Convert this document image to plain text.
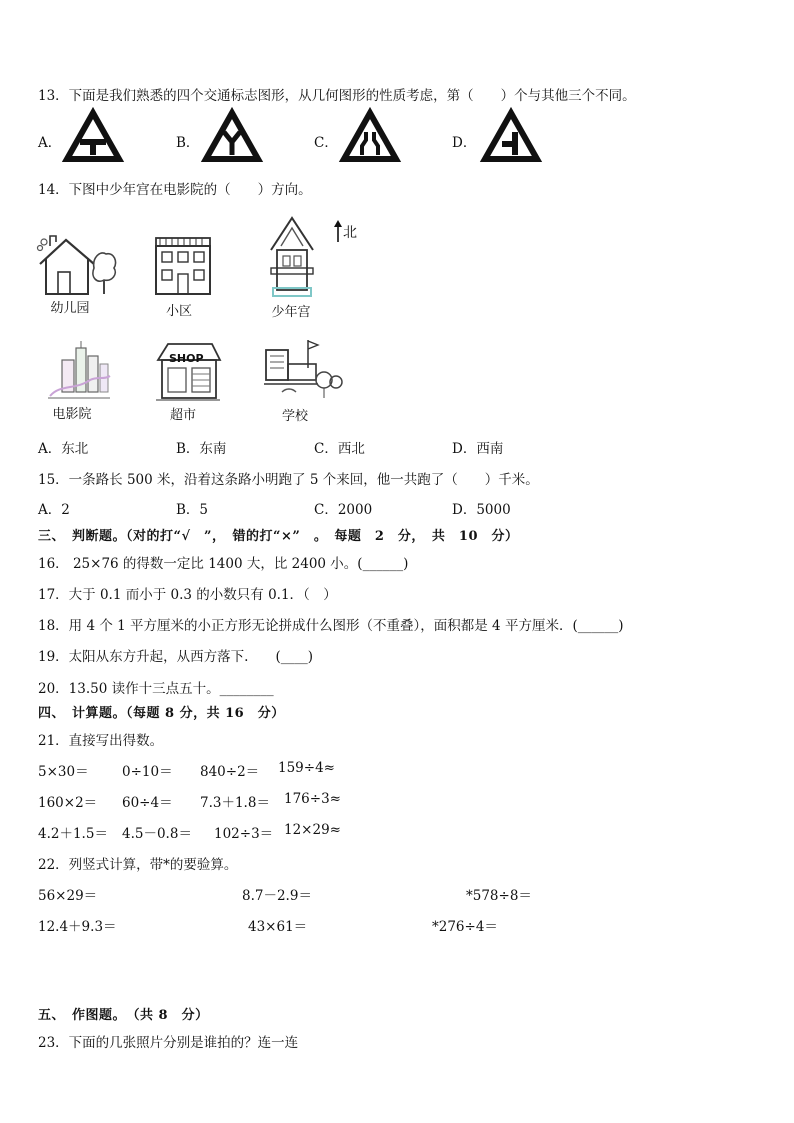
13．下面是我们熟悉的四个交通标志图形，从几何图形的性质考虑，第（　　）个与其他三个不同。
A．	B．	C．	D．
14．下图中少年宫在电影院的（　　）方向。
北
幼儿园	小区	少年宫
电影院
SHOP
超市	学校
A．东北	B．东南	C．西北	D．西南
15．一条路长 500 米，沿着这条路小明跑了 5 个来回，他一共跑了（　　）千米。
A．2	B．5	C．2000	D．5000
三、　判断题。（对的打“√　”，　错的打“×”　。　每题　2　分，　共　10　分）
16． 25×76 的得数一定比 1400 大，比 2400 小。(______)
17．大于 0.1 而小于 0.3 的小数只有 0.1．（　）
18．用 4 个 1 平方厘米的小正方形无论拼成什么图形（不重叠），面积都是 4 平方厘米．(______)
19．太阳从东方升起，从西方落下.　　(____)
20．13.50 读作十三点五十。________
四、　计算题。（每题 8 分，共 16　分）
21．直接写出得数。
5×30＝ 0÷10＝ 840÷2＝ 159÷4≈
160×2＝ 60÷4＝ 7.3＋1.8＝ 176÷3≈
4.2＋1.5＝ 4.5－0.8＝ 102÷3＝ 12×29≈
22．列竖式计算，带*的要验算。
56×29＝	8.7－2.9＝	*578÷8＝
12.4＋9.3＝	43×61＝	*276÷4＝
五、　作图题。　（共 8　分）
23．下面的几张照片分别是谁拍的？连一连
